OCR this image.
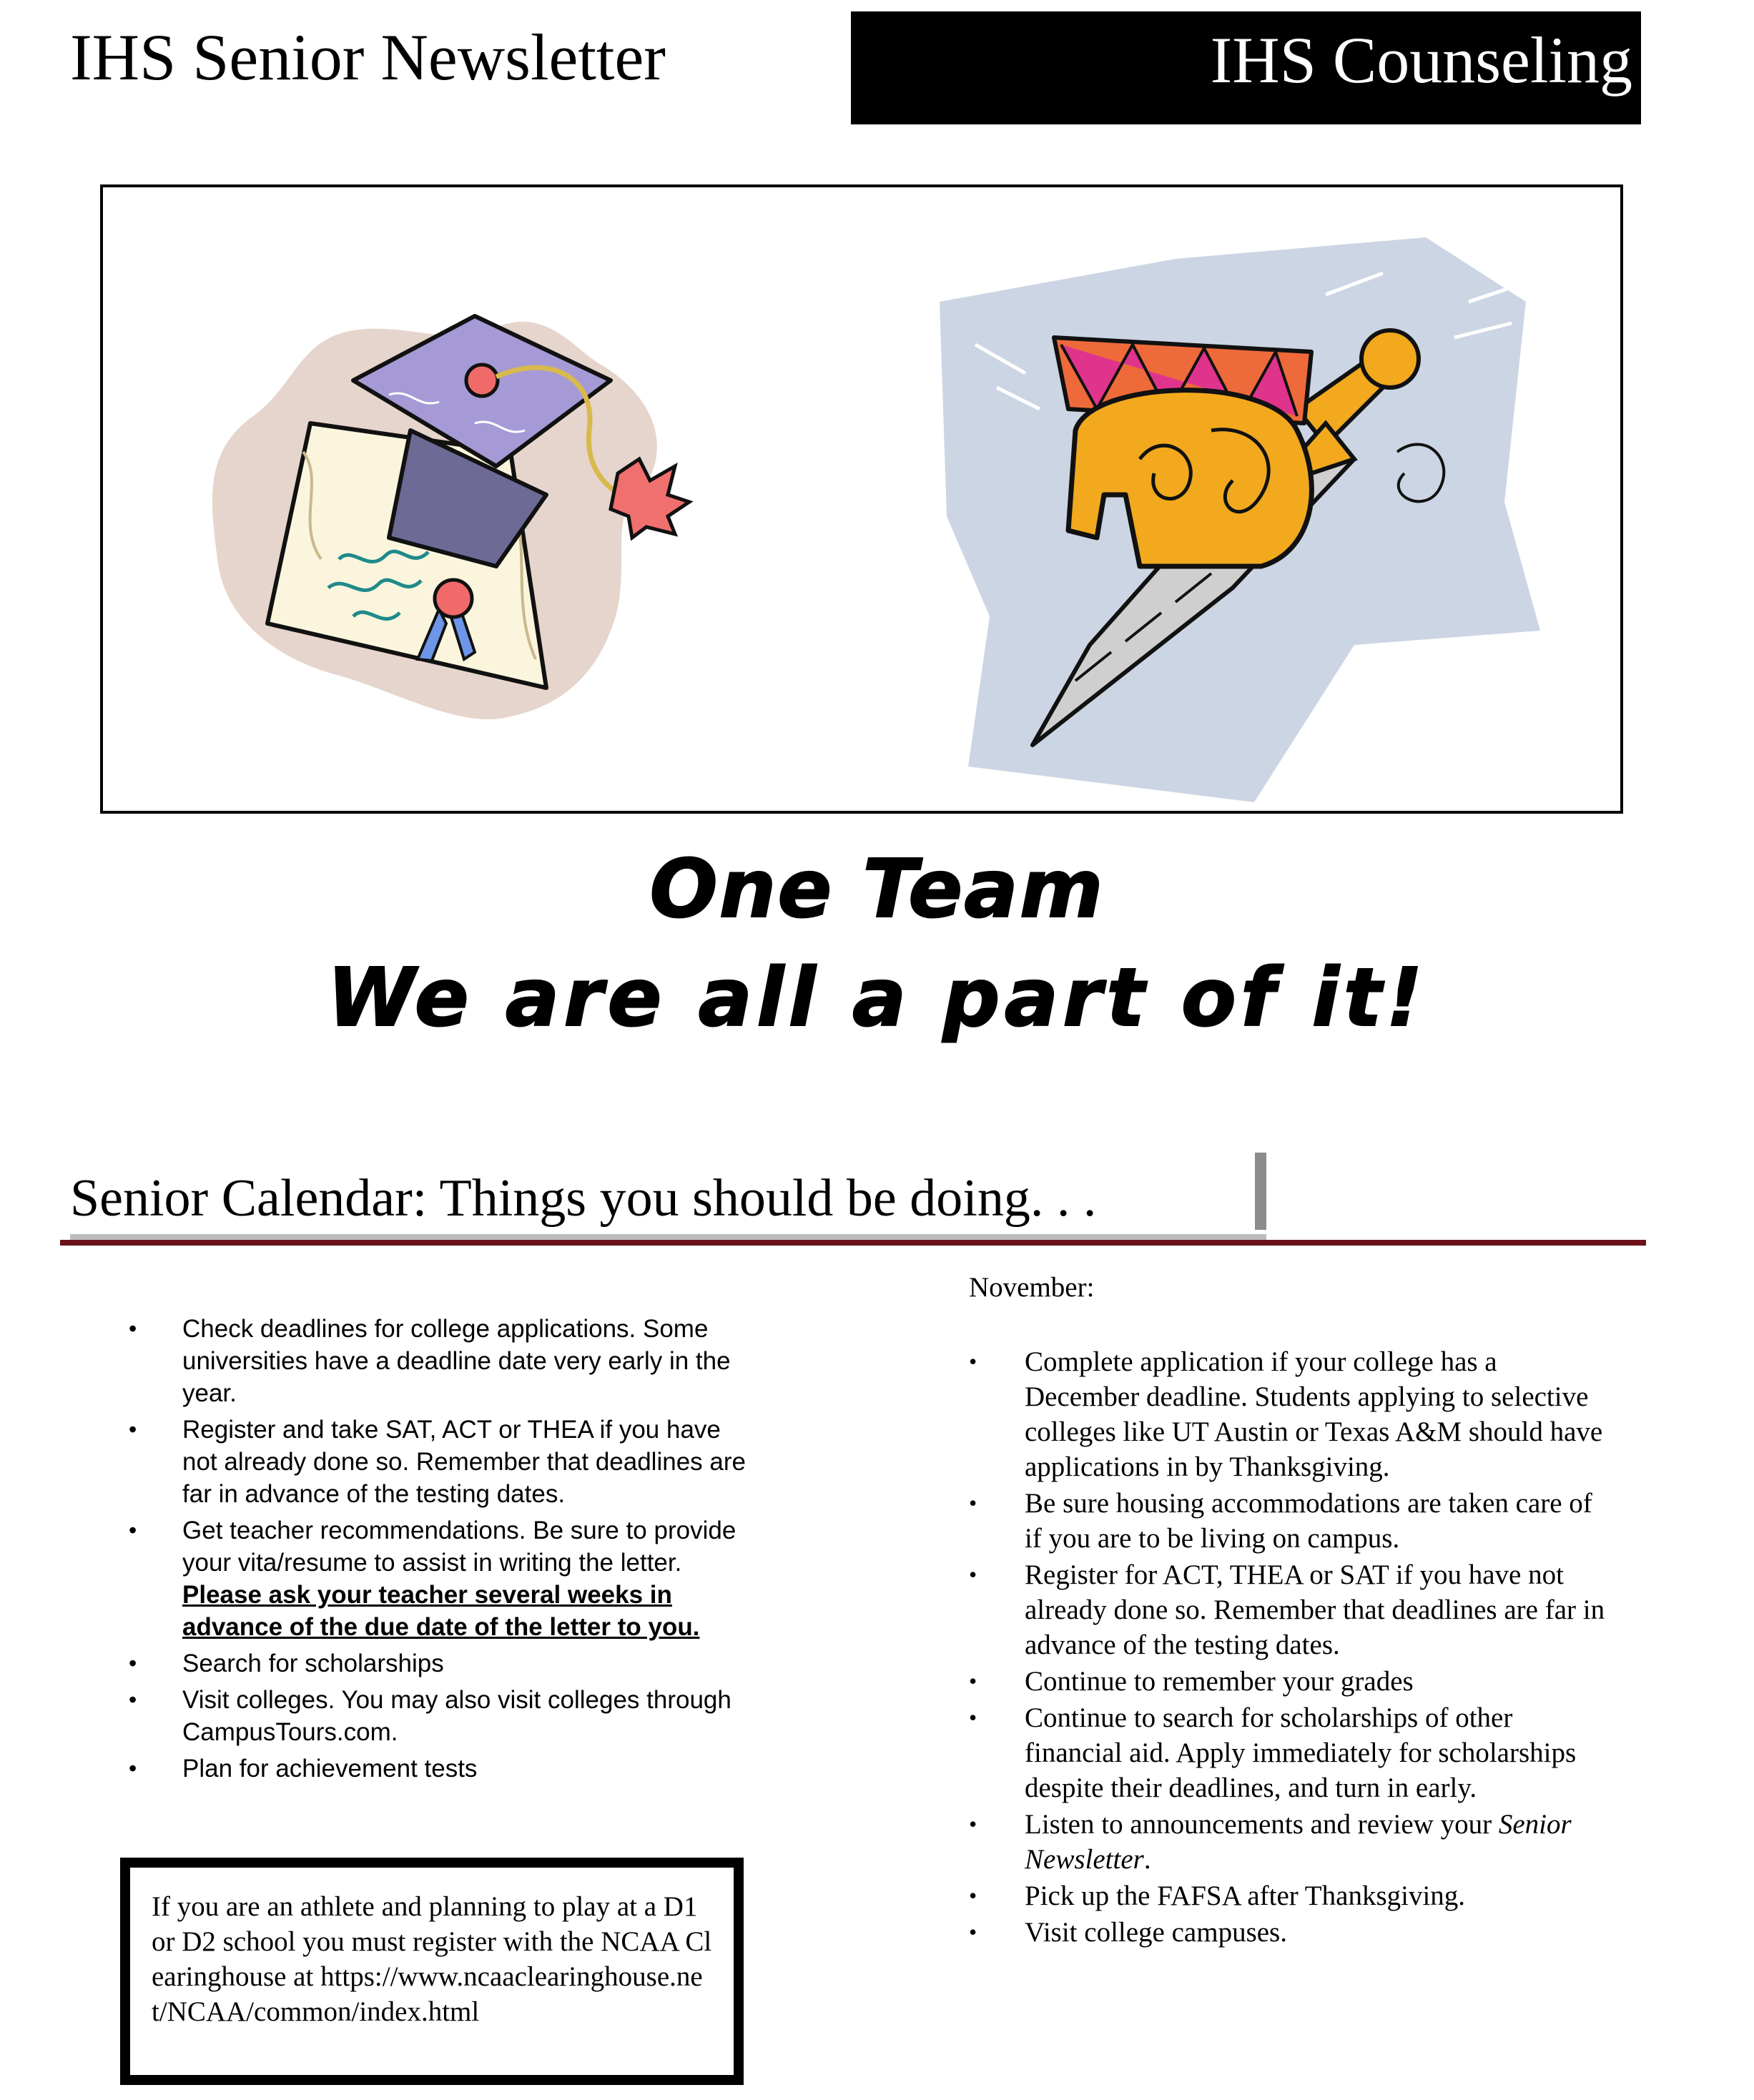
IHS Senior Newsletter	IHS Counseling
One Team
We are all a part of it!
Senior Calendar: Things you should be doing. . .
• Check deadlines for college applications. Some universities have a deadline date very early in the year.
• Register and take SAT, ACT or THEA if you have not already done so. Remember that deadlines are far in advance of the testing dates.
• Get teacher recommendations. Be sure to provide your vita/resume to assist in writing the letter. Please ask your teacher several weeks in advance of the due date of the letter to you.
• Search for scholarships
• Visit colleges. You may also visit colleges through CampusTours.com.
• Plan for achievement tests
November:
• Complete application if your college has a December deadline. Students applying to selective colleges like UT Austin or Texas A&M should have applications in by Thanksgiving.
• Be sure housing accommodations are taken care of if you are to be living on campus.
• Register for ACT, THEA or SAT if you have not already done so. Remember that deadlines are far in advance of the testing dates.
• Continue to remember your grades
• Continue to search for scholarships of other financial aid. Apply immediately for scholarships despite their deadlines, and turn in early.
• Listen to announcements and review your Senior Newsletter.
• Pick up the FAFSA after Thanksgiving.
• Visit college campuses.

If you are an athlete and planning to play at a D1 or D2 school you must register with the NCAA Clearinghouse at https://www.ncaaclearinghouse.net/NCAA/common/index.html
